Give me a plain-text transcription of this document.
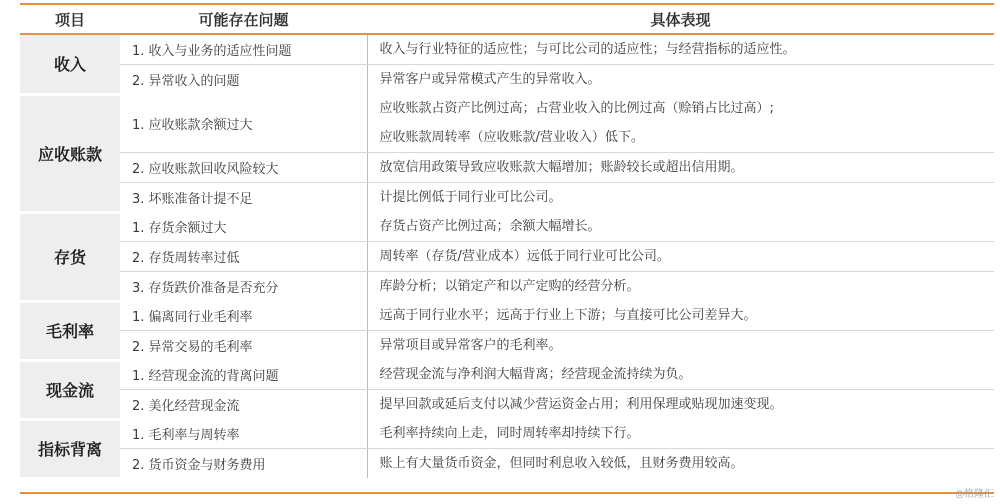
项目	可能存在问题	具体表现
收入	1. 收入与业务的适应性问题	收入与行业特征的适应性；与可比公司的适应性；与经营指标的适应性。

	2. 异常收入的问题	异常客户或异常模式产生的异常收入。

应收账款	1. 应收账款余额过大	应收账款占资产比例过高；占营业收入的比例过高（赊销占比过高）;
应收账款周转率（应收账款/营业收入）低下。

	2. 应收账款回收风险较大	放宽信用政策导致应收账款大幅增加；账龄较长或超出信用期。

	3. 坏账准备计提不足	计提比例低于同行业可比公司。

存货	1. 存货余额过大	存货占资产比例过高；余额大幅增长。

	2. 存货周转率过低	周转率（存货/营业成本）远低于同行业可比公司。

	3. 存货跌价准备是否充分	库龄分析；以销定产和以产定购的经营分析。

毛利率	1. 偏离同行业毛利率	远高于同行业水平；远高于行业上下游；与直接可比公司差异大。

	2. 异常交易的毛利率	异常项目或异常客户的毛利率。

现金流	1. 经营现金流的背离问题	经营现金流与净利润大幅背离；经营现金流持续为负。

	2. 美化经营现金流	提早回款或延后支付以减少营运资金占用；利用保理或贴现加速变现。

指标背离	1. 毛利率与周转率	毛利率持续向上走，同时周转率却持续下行。

	2. 货币资金与财务费用	账上有大量货币资金，但同时利息收入较低，且财务费用较高。
◎格隆汇
